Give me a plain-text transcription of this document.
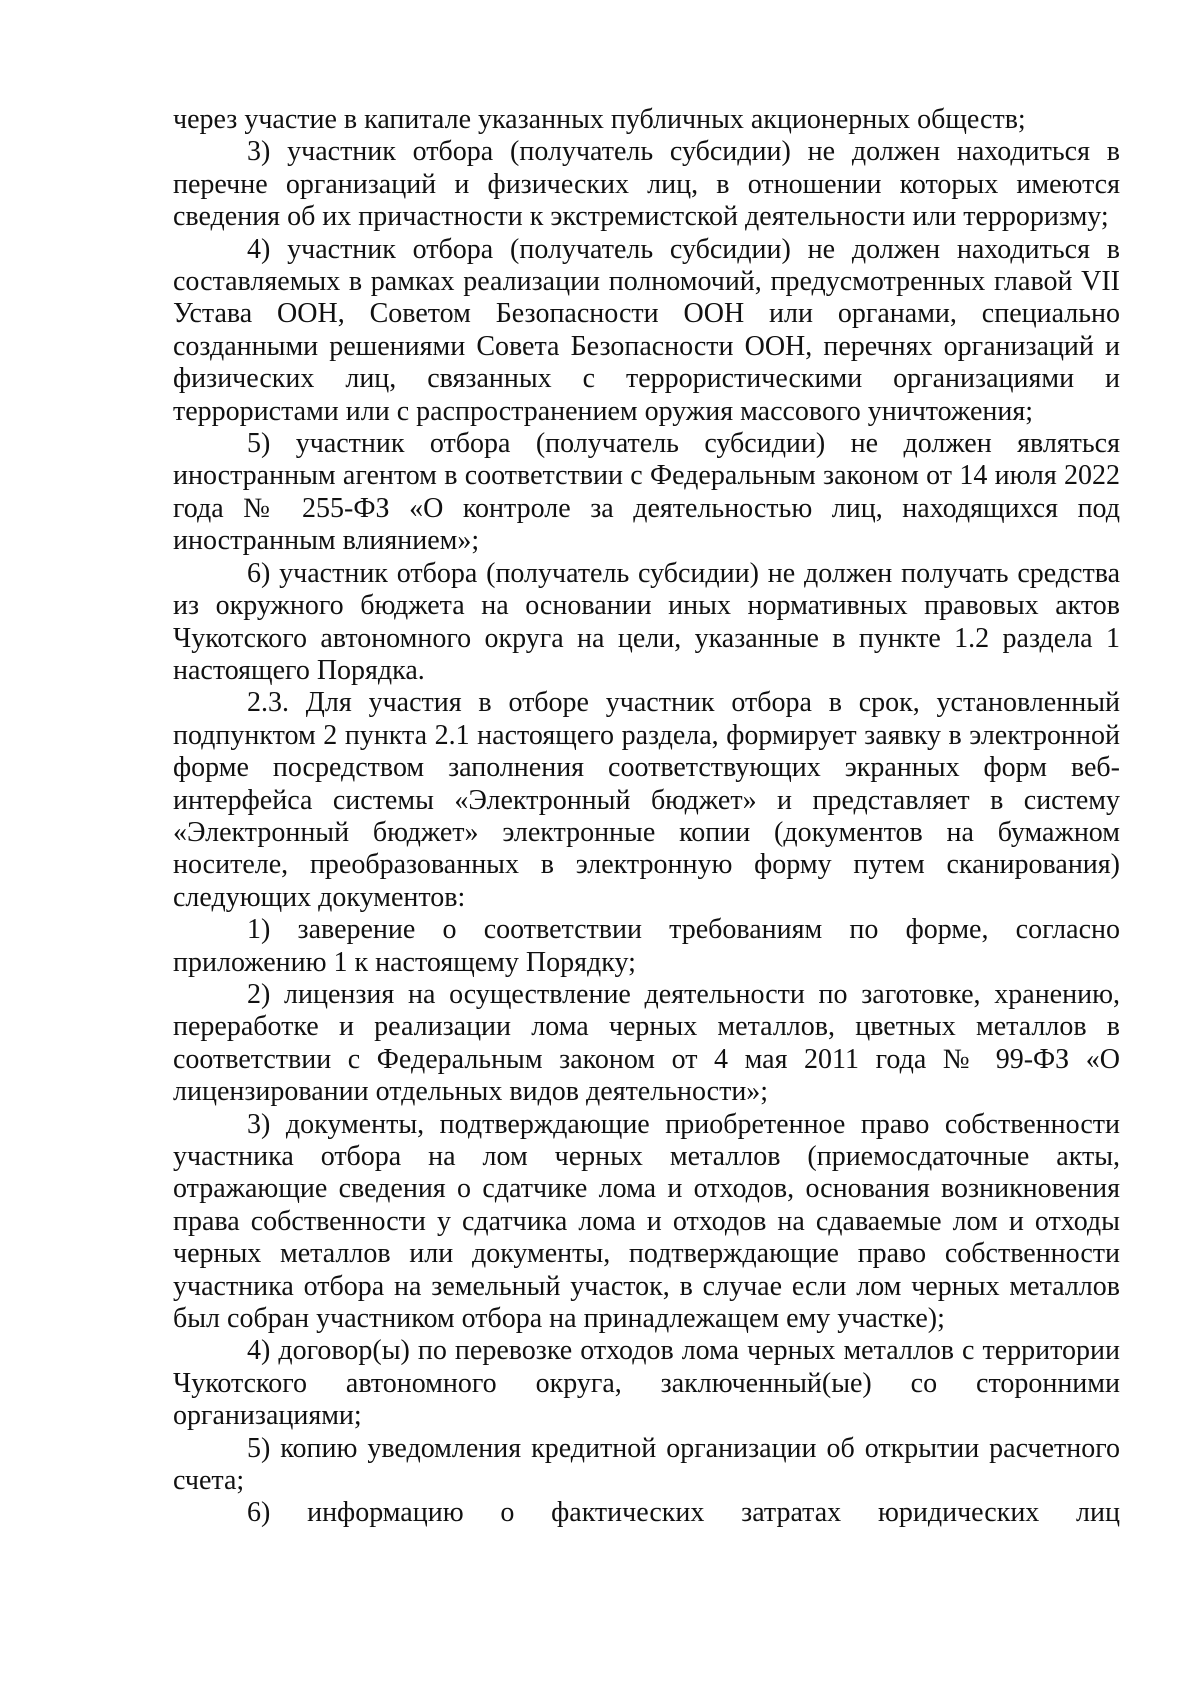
через участие в капитале указанных публичных акционерных обществ;

3) участник отбора (получатель субсидии) не должен находиться в перечне организаций и физических лиц, в отношении которых имеются сведения об их причастности к экстремистской деятельности или терроризму;

4) участник отбора (получатель субсидии) не должен находиться в составляемых в рамках реализации полномочий, предусмотренных главой VII Устава ООН, Советом Безопасности ООН или органами, специально созданными решениями Совета Безопасности ООН, перечнях организаций и физических лиц, связанных с террористическими организациями и террористами или с распространением оружия массового уничтожения;

5) участник отбора (получатель субсидии) не должен являться иностранным агентом в соответствии с Федеральным законом от 14 июля 2022 года № 255-ФЗ «О контроле за деятельностью лиц, находящихся под иностранным влиянием»;

6) участник отбора (получатель субсидии) не должен получать средства из окружного бюджета на основании иных нормативных правовых актов Чукотского автономного округа на цели, указанные в пункте 1.2 раздела 1 настоящего Порядка.

2.3. Для участия в отборе участник отбора в срок, установленный подпунктом 2 пункта 2.1 настоящего раздела, формирует заявку в электронной форме посредством заполнения соответствующих экранных форм веб-интерфейса системы «Электронный бюджет» и представляет в систему «Электронный бюджет» электронные копии (документов на бумажном носителе, преобразованных в электронную форму путем сканирования) следующих документов:

1) заверение о соответствии требованиям по форме, согласно приложению 1 к настоящему Порядку;

2) лицензия на осуществление деятельности по заготовке, хранению, переработке и реализации лома черных металлов, цветных металлов в соответствии с Федеральным законом от 4 мая 2011 года № 99-ФЗ «О лицензировании отдельных видов деятельности»;

3) документы, подтверждающие приобретенное право собственности участника отбора на лом черных металлов (приемосдаточные акты, отражающие сведения о сдатчике лома и отходов, основания возникновения права собственности у сдатчика лома и отходов на сдаваемые лом и отходы черных металлов или документы, подтверждающие право собственности участника отбора на земельный участок, в случае если лом черных металлов был собран участником отбора на принадлежащем ему участке);

4) договор(ы) по перевозке отходов лома черных металлов с территории Чукотского автономного округа, заключенный(ые) со сторонними организациями;

5) копию уведомления кредитной организации об открытии расчетного счета;

6) информацию о фактических затратах юридических лиц
